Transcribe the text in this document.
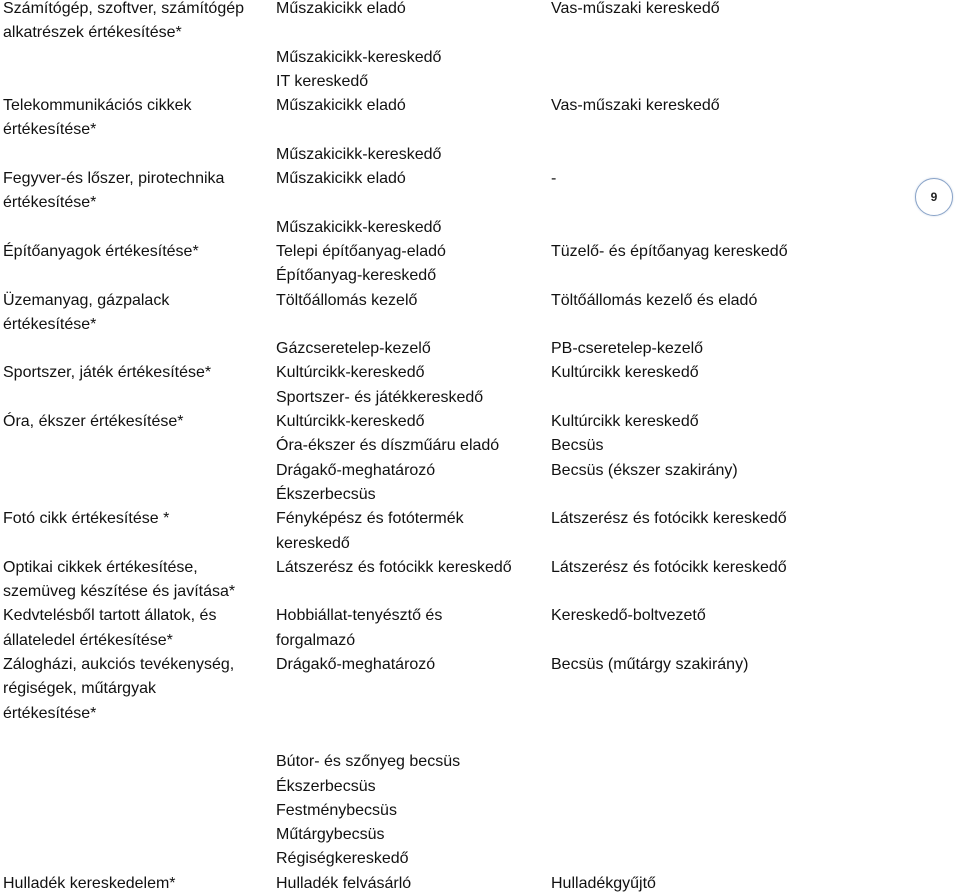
Számítógép, szoftver, számítógép
alkatrészek értékesítése*
Telekommunikációs cikkek
értékesítése*
Fegyver-és lőszer, pirotechnika
értékesítése*
Építőanyagok értékesítése*
Üzemanyag, gázpalack
értékesítése*
Sportszer, játék értékesítése*
Óra, ékszer értékesítése*
Fotó cikk értékesítése *
Optikai cikkek értékesítése,
szemüveg készítése és javítása*
Kedvtelésből tartott állatok, és
állateledel értékesítése*
Zálogházi, aukciós tevékenység,
régiségek, műtárgyak
értékesítése*
Hulladék kereskedelem*
Műszakicikk eladó
Műszakicikk-kereskedő
IT kereskedő
Műszakicikk eladó
Műszakicikk-kereskedő
Műszakicikk eladó
Műszakicikk-kereskedő
Telepi építőanyag-eladó
Építőanyag-kereskedő
Töltőállomás kezelő
Gázcseretelep-kezelő
Kultúrcikk-kereskedő
Sportszer- és játékkereskedő
Kultúrcikk-kereskedő
Óra-ékszer és díszműáru eladó
Drágakő-meghatározó
Ékszerbecsüs
Fényképész és fotótermék
kereskedő
Látszerész és fotócikk kereskedő
Hobbiállat-tenyésztő és
forgalmazó
Drágakő-meghatározó
Bútor- és szőnyeg becsüs
Ékszerbecsüs
Festménybecsüs
Műtárgybecsüs
Régiségkereskedő
Hulladék felvásárló
Vas-műszaki kereskedő
Vas-műszaki kereskedő
-
Tüzelő- és építőanyag kereskedő
Töltőállomás kezelő és eladó
PB-cseretelep-kezelő
Kultúrcikk kereskedő
Kultúrcikk kereskedő
Becsüs
Becsüs (ékszer szakirány)
Látszerész és fotócikk kereskedő
Látszerész és fotócikk kereskedő
Kereskedő-boltvezető
Becsüs (műtárgy szakirány)
Hulladékgyűjtő
9
